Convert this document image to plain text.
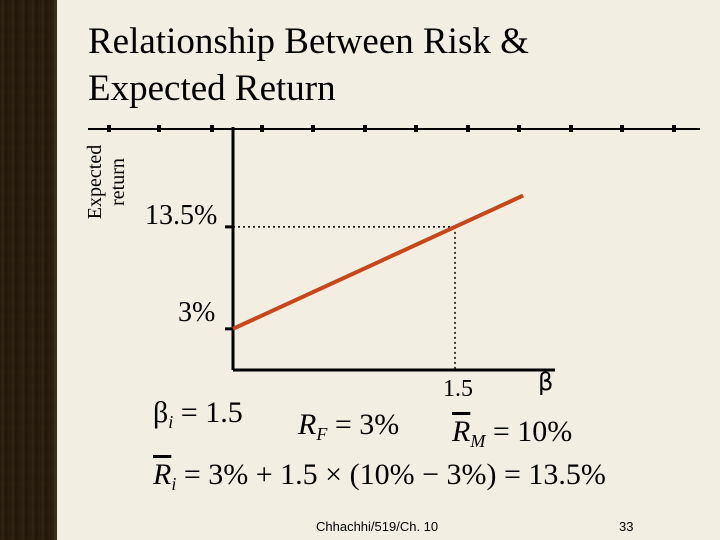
Relationship Between Risk &
Expected Return
Expected return
13.5%
3%
1.5	β
$\beta_i = 1.5$ $R_F = 3\%$ $\overline{R}_M = 10\%$
$\overline{R}_i = 3\% + 1.5 \times (10\% - 3\%) = 13.5\%$
Chhachhi/519/Ch. 10	33
